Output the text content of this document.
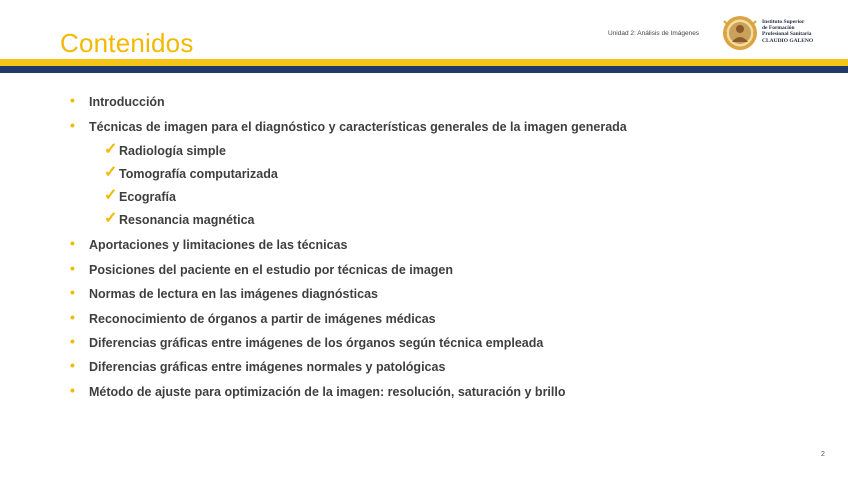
Contenidos	Unidad 2: Análisis de Imágenes
Instituto Superior
de Formación
Profesional Sanitaria
CLAUDIO GALENO
• Introducción
• Técnicas de imagen para el diagnóstico y características generales de la imagen generada
✓ Radiología simple
✓ Tomografía computarizada
✓ Ecografía
✓ Resonancia magnética
• Aportaciones y limitaciones de las técnicas
• Posiciones del paciente en el estudio por técnicas de imagen
• Normas de lectura en las imágenes diagnósticas
• Reconocimiento de órganos a partir de imágenes médicas
• Diferencias gráficas entre imágenes de los órganos según técnica empleada
• Diferencias gráficas entre imágenes normales y patológicas
• Método de ajuste para optimización de la imagen: resolución, saturación y brillo
2
